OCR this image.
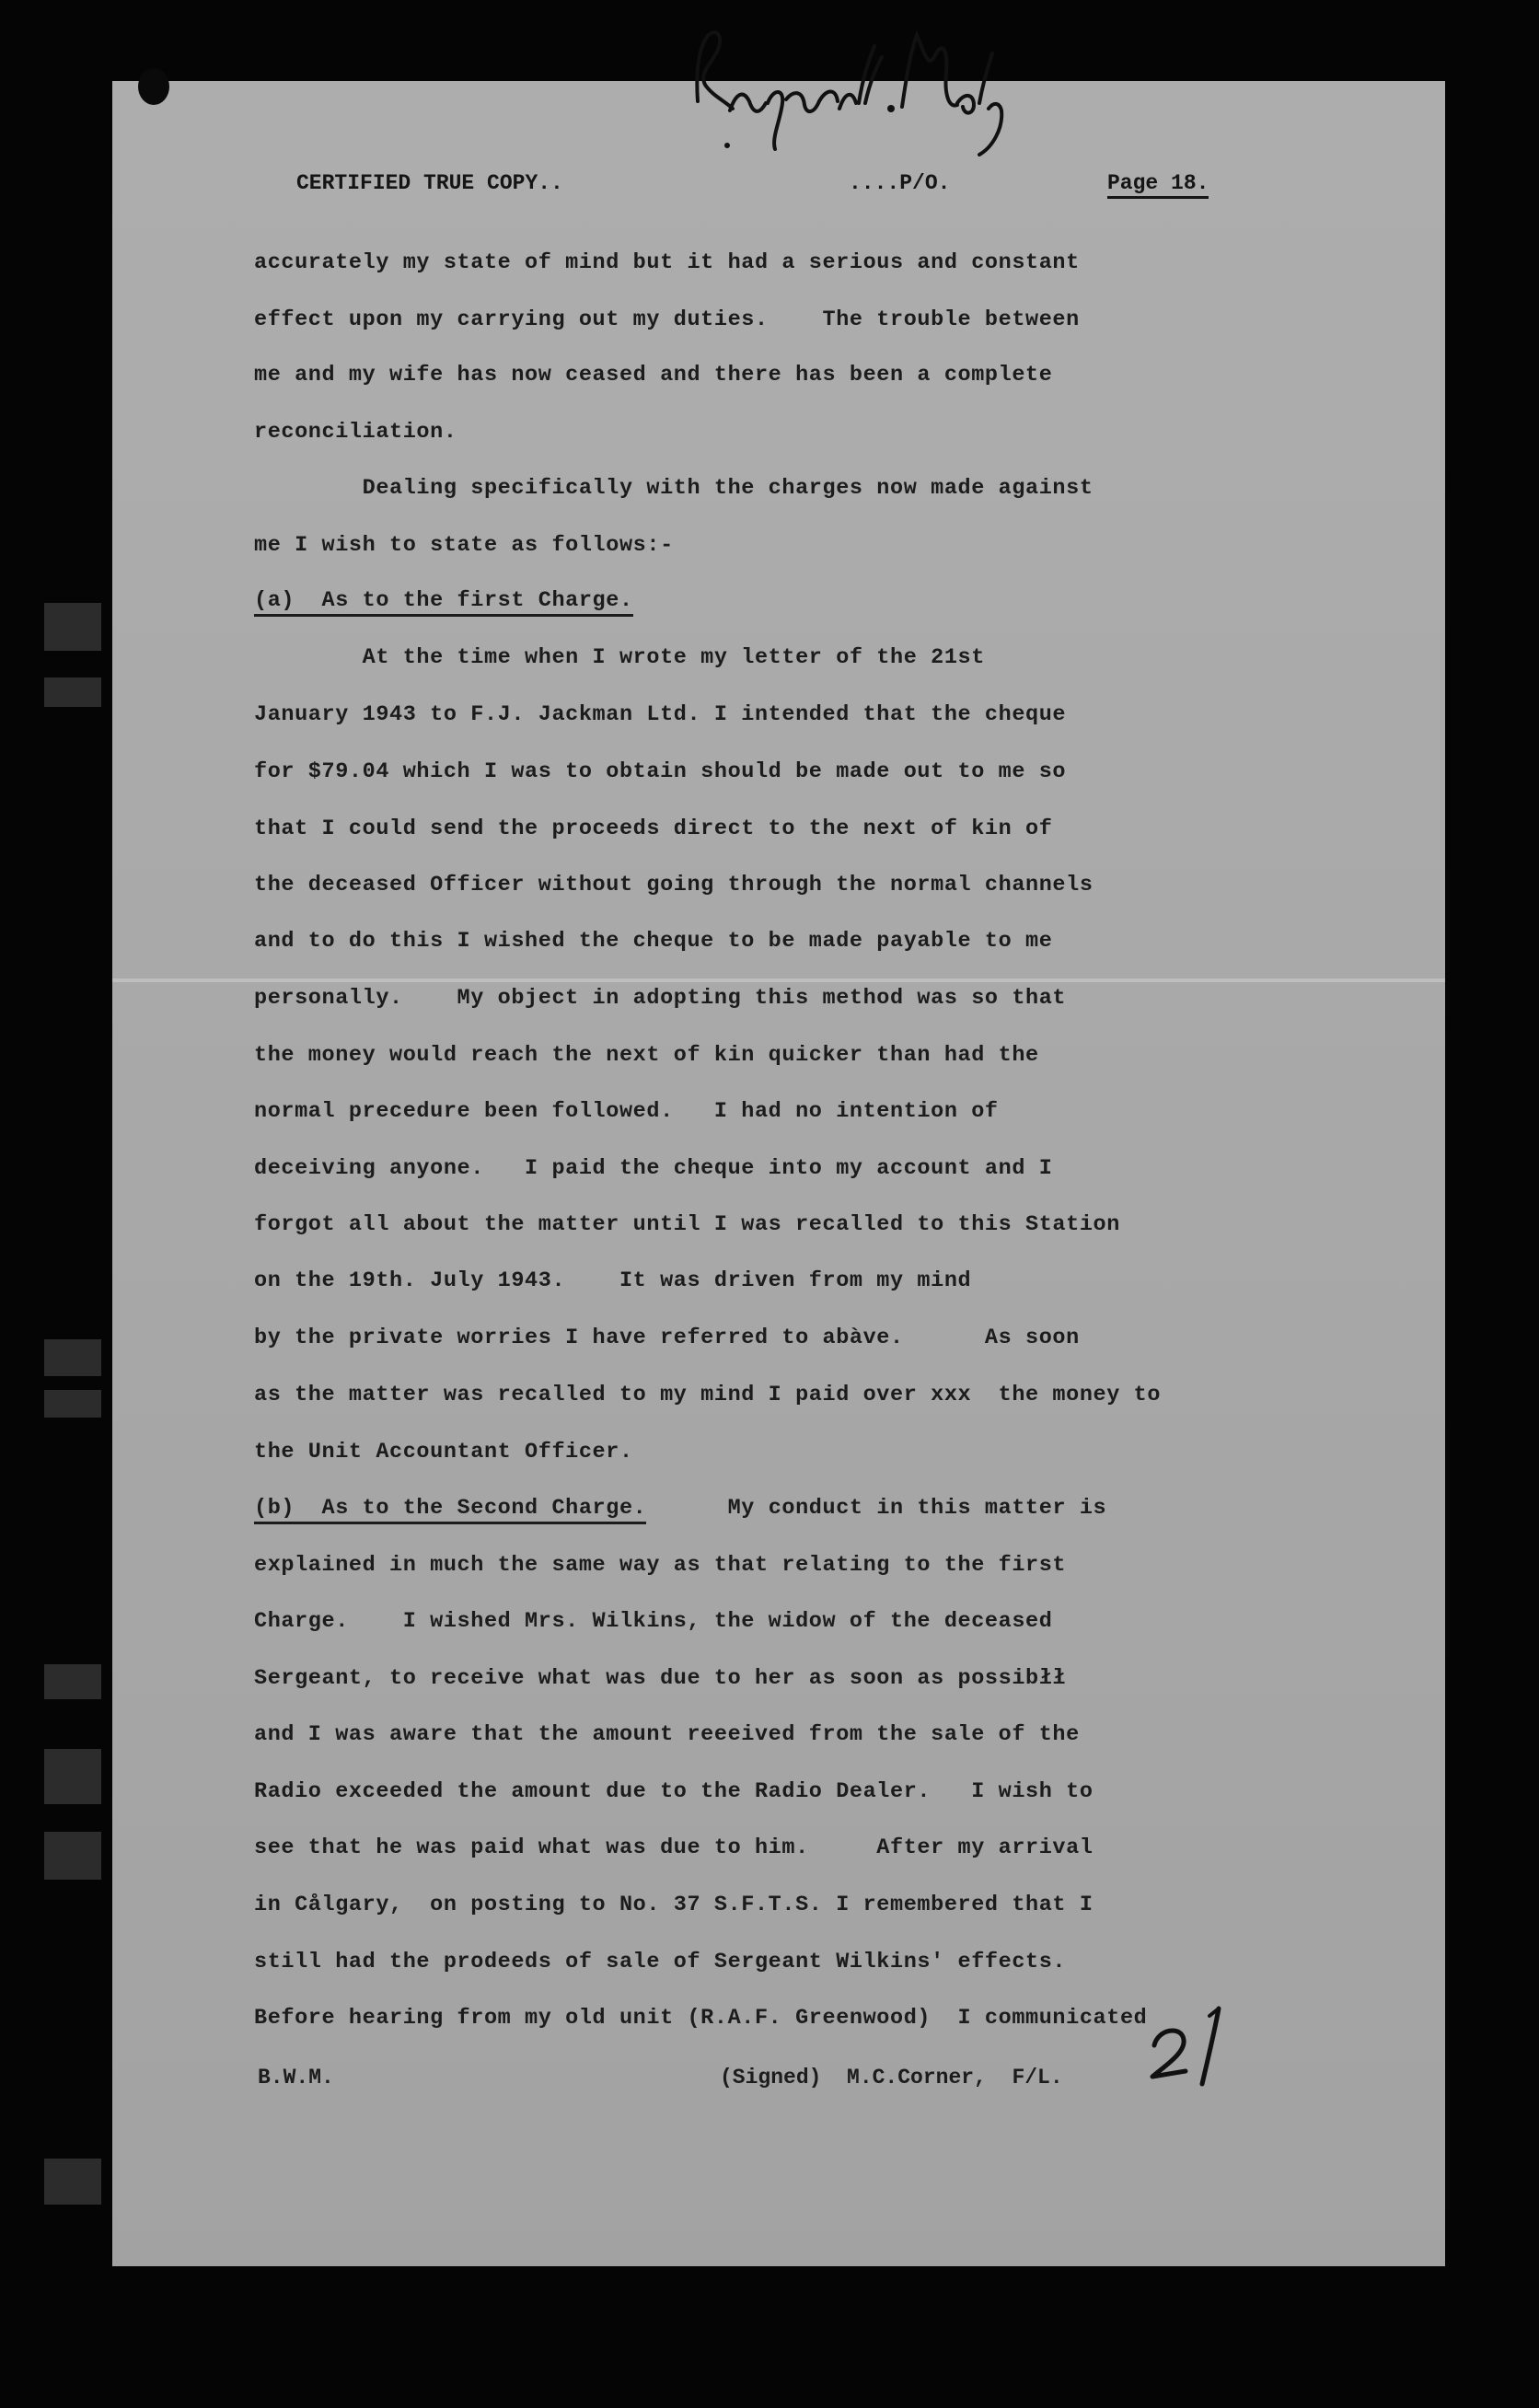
CERTIFIED TRUE COPY..	....P/O.	Page 18.
accurately my state of mind but it had a serious and constant
effect upon my carrying out my duties.    The trouble between
me and my wife has now ceased and there has been a complete
reconciliation.
Dealing specifically with the charges now made against
me I wish to state as follows:-
(a)  As to the first Charge.
At the time when I wrote my letter of the 21st
January 1943 to F.J. Jackman Ltd. I intended that the cheque
for $79.04 which I was to obtain should be made out to me so
that I could send the proceeds direct to the next of kin of
the deceased Officer without going through the normal channels
and to do this I wished the cheque to be made payable to me
personally.    My object in adopting this method was so that
the money would reach the next of kin quicker than had the
normal precedure been followed.   I had no intention of
deceiving anyone.   I paid the cheque into my account and I
forgot all about the matter until I was recalled to this Station
on the 19th. July 1943.    It was driven from my mind
by the private worries I have referred to abàve.      As soon
as the matter was recalled to my mind I paid over xxx  the money to
the Unit Accountant Officer.
(b)  As to the Second Charge.	My conduct in this matter is
explained in much the same way as that relating to the first
Charge.    I wished Mrs. Wilkins, the widow of the deceased
Sergeant, to receive what was due to her as soon as possibłł
and I was aware that the amount reeeived from the sale of the
Radio exceeded the amount due to the Radio Dealer.   I wish to
see that he was paid what was due to him.     After my arrival
in Cålgary,  on posting to No. 37 S.F.T.S. I remembered that I
still had the prodeeds of sale of Sergeant Wilkins' effects.
Before hearing from my old unit (R.A.F. Greenwood)  I communicated
B.W.M.	(Signed)  M.C.Corner,  F/L.
